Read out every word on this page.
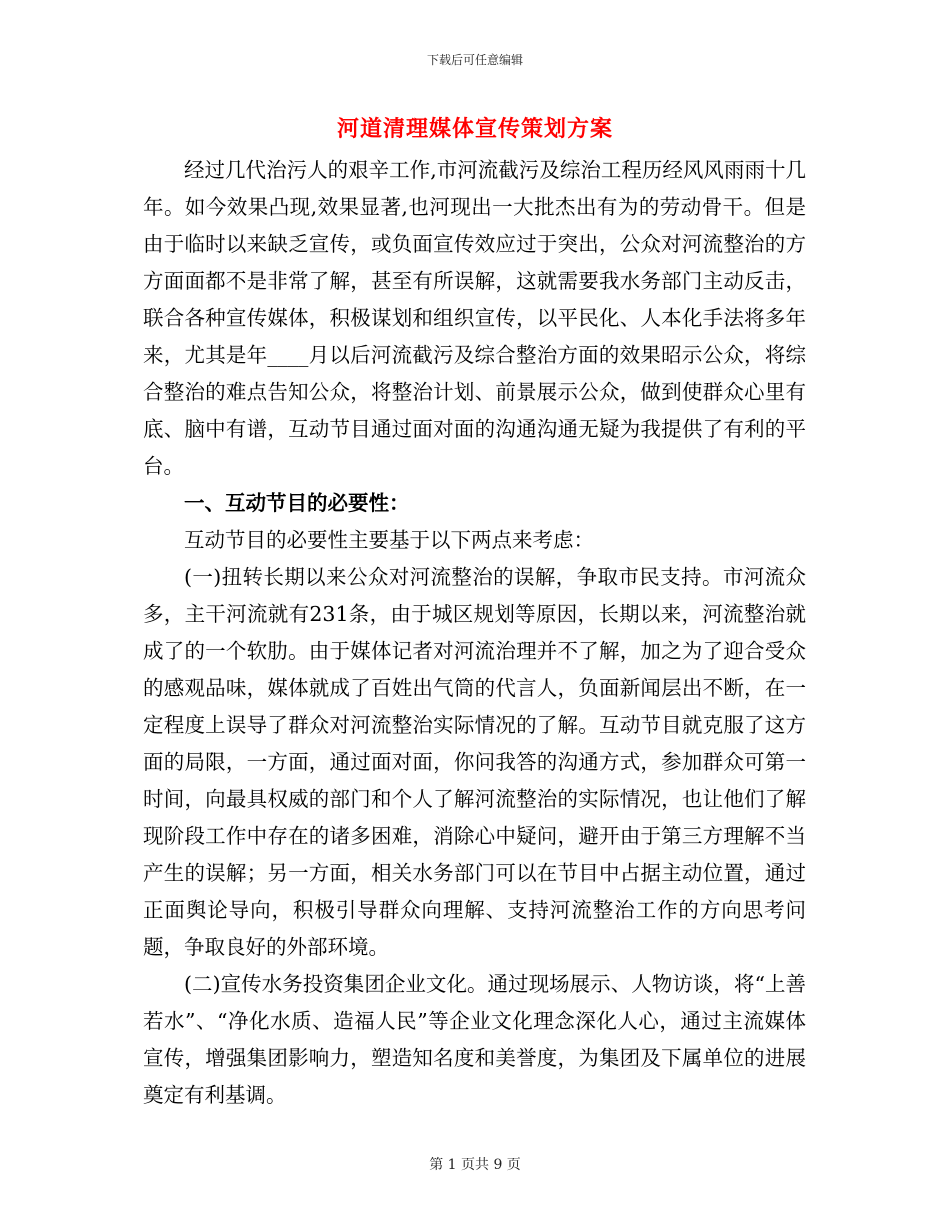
下载后可任意编辑
河道清理媒体宣传策划方案

经过几代治污人的艰辛工作,市河流截污及综治工程历经风风雨雨十几年。如今效果凸现,效果显著,也河现出一大批杰出有为的劳动骨干。但是由于临时以来缺乏宣传，或负面宣传效应过于突出，公众对河流整治的方方面面都不是非常了解，甚至有所误解，这就需要我水务部门主动反击，联合各种宣传媒体，积极谋划和组织宣传，以平民化、人本化手法将多年来，尤其是年____月以后河流截污及综合整治方面的效果昭示公众，将综合整治的难点告知公众，将整治计划、前景展示公众，做到使群众心里有底、脑中有谱，互动节目通过面对面的沟通沟通无疑为我提供了有利的平台。

一、互动节目的必要性：

互动节目的必要性主要基于以下两点来考虑：

(一)扭转长期以来公众对河流整治的误解，争取市民支持。市河流众多，主干河流就有231条，由于城区规划等原因，长期以来，河流整治就成了的一个软肋。由于媒体记者对河流治理并不了解，加之为了迎合受众的感观品味，媒体就成了百姓出气筒的代言人，负面新闻层出不断，在一定程度上误导了群众对河流整治实际情况的了解。互动节目就克服了这方面的局限，一方面，通过面对面，你问我答的沟通方式，参加群众可第一时间，向最具权威的部门和个人了解河流整治的实际情况，也让他们了解现阶段工作中存在的诸多困难，消除心中疑问，避开由于第三方理解不当产生的误解；另一方面，相关水务部门可以在节目中占据主动位置，通过正面舆论导向，积极引导群众向理解、支持河流整治工作的方向思考问题，争取良好的外部环境。

(二)宣传水务投资集团企业文化。通过现场展示、人物访谈，将“上善若水”、“净化水质、造福人民”等企业文化理念深化人心，通过主流媒体宣传，增强集团影响力，塑造知名度和美誉度，为集团及下属单位的进展奠定有利基调。

第 1 页共 9 页
